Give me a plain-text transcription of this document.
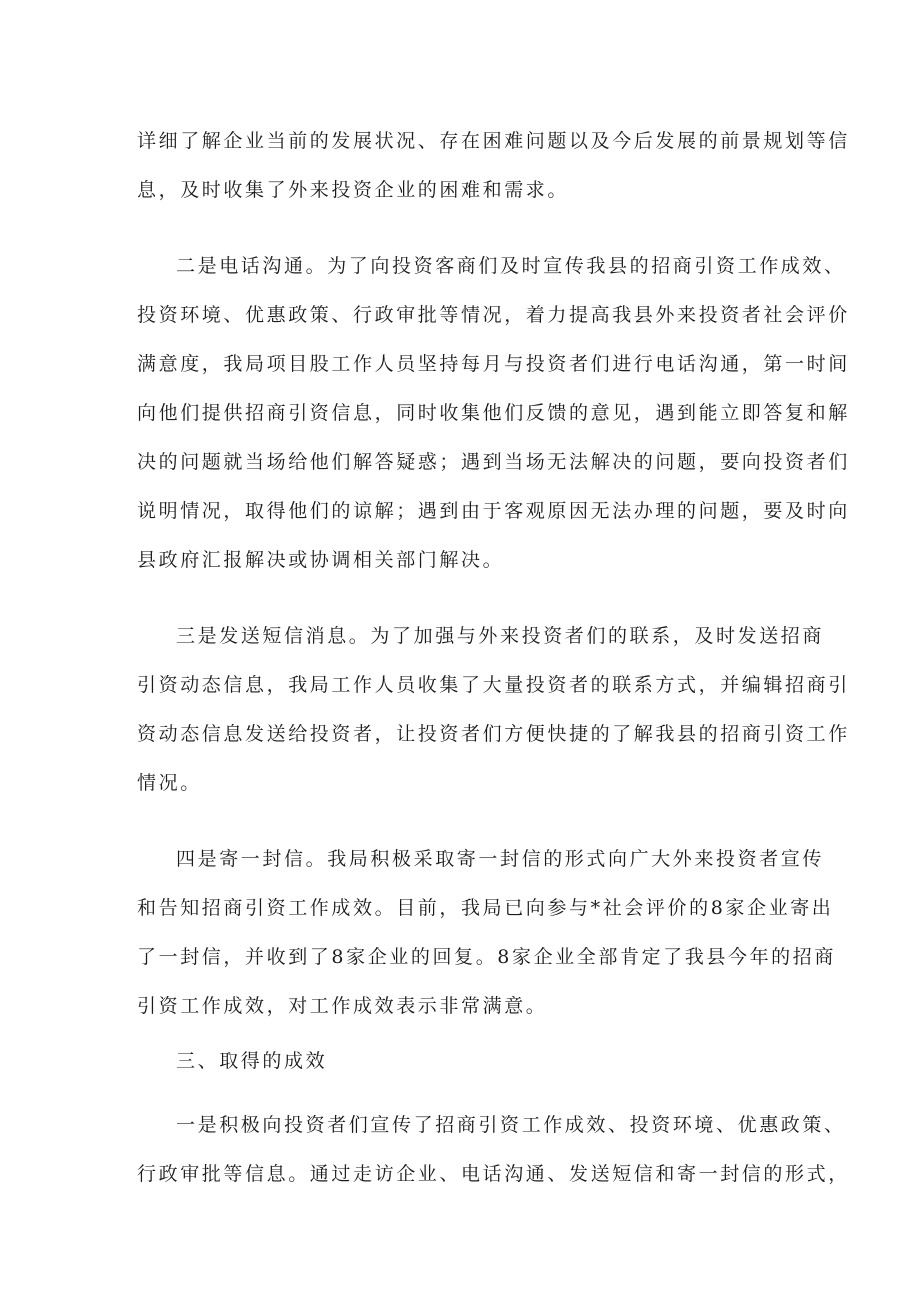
详细了解企业当前的发展状况、存在困难问题以及今后发展的前景规划等信
息，及时收集了外来投资企业的困难和需求。
二是电话沟通。为了向投资客商们及时宣传我县的招商引资工作成效、
投资环境、优惠政策、行政审批等情况，着力提高我县外来投资者社会评价
满意度，我局项目股工作人员坚持每月与投资者们进行电话沟通，第一时间
向他们提供招商引资信息，同时收集他们反馈的意见，遇到能立即答复和解
决的问题就当场给他们解答疑惑；遇到当场无法解决的问题，要向投资者们
说明情况，取得他们的谅解；遇到由于客观原因无法办理的问题，要及时向
县政府汇报解决或协调相关部门解决。
三是发送短信消息。为了加强与外来投资者们的联系，及时发送招商
引资动态信息，我局工作人员收集了大量投资者的联系方式，并编辑招商引
资动态信息发送给投资者，让投资者们方便快捷的了解我县的招商引资工作
情况。
四是寄一封信。我局积极采取寄一封信的形式向广大外来投资者宣传
和告知招商引资工作成效。目前，我局已向参与*社会评价的8家企业寄出
了一封信，并收到了8家企业的回复。8家企业全部肯定了我县今年的招商
引资工作成效，对工作成效表示非常满意。
三、取得的成效
一是积极向投资者们宣传了招商引资工作成效、投资环境、优惠政策、
行政审批等信息。通过走访企业、电话沟通、发送短信和寄一封信的形式，
